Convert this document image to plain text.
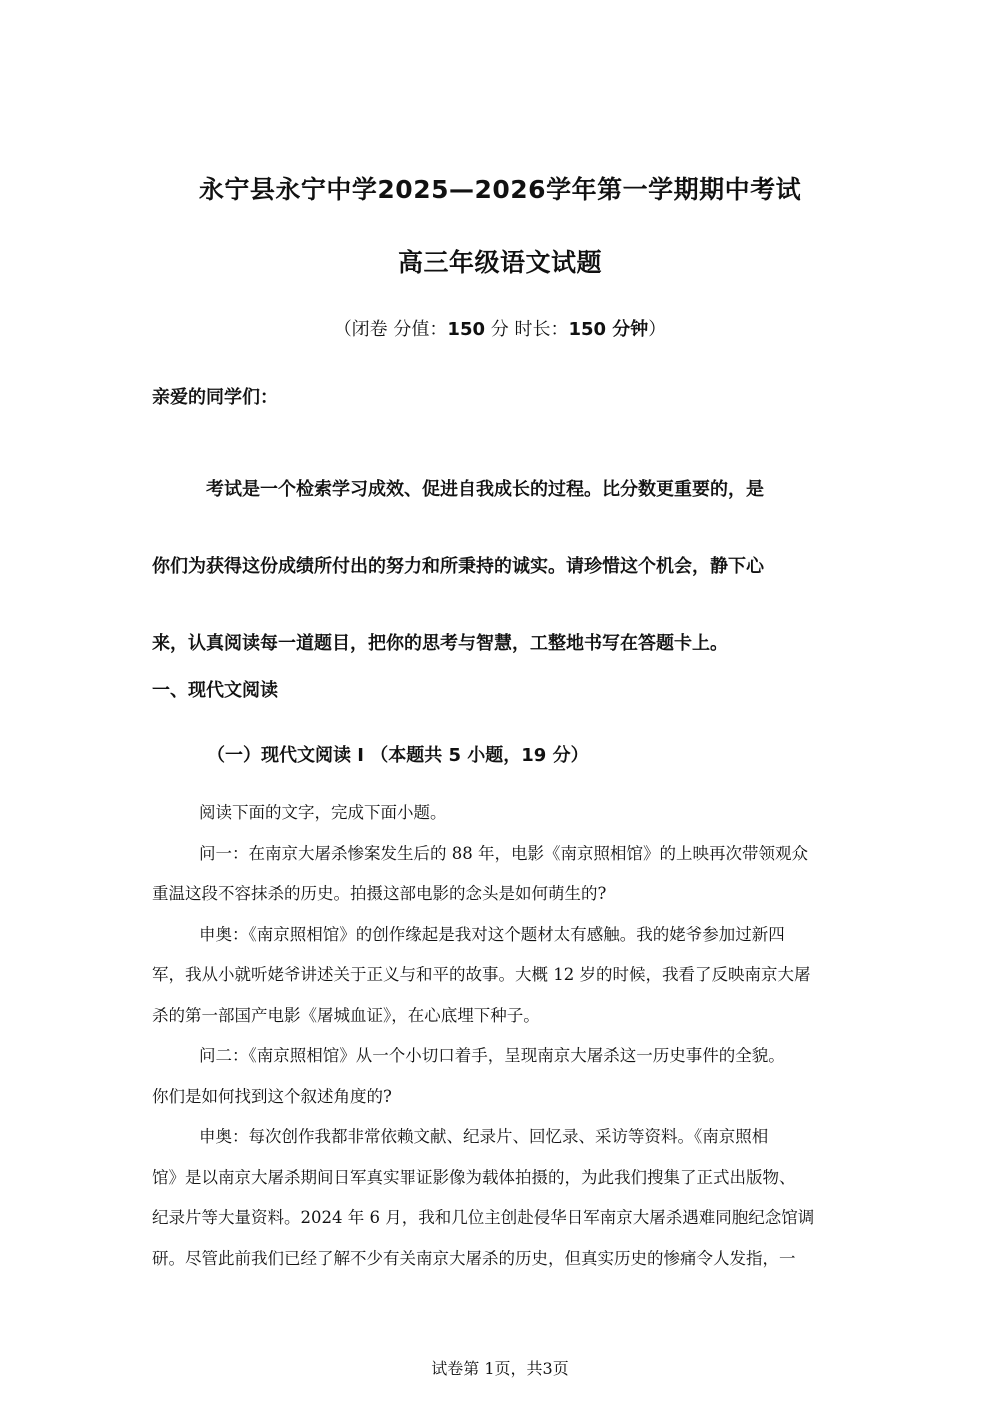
永宁县永宁中学2025—2026学年第一学期期中考试
高三年级语文试题
（闭卷 分值：150 分 时长：150 分钟）
亲爱的同学们：
考试是一个检索学习成效、促进自我成长的过程。比分数更重要的，是
你们为获得这份成绩所付出的努力和所秉持的诚实。请珍惜这个机会，静下心
来，认真阅读每一道题目，把你的思考与智慧，工整地书写在答题卡上。
一、现代文阅读
（一）现代文阅读 I （本题共 5 小题，19 分）
阅读下面的文字，完成下面小题。
问一：在南京大屠杀惨案发生后的 88 年，电影《南京照相馆》的上映再次带领观众
重温这段不容抹杀的历史。拍摄这部电影的念头是如何萌生的?
申奥：《南京照相馆》的创作缘起是我对这个题材太有感触。我的姥爷参加过新四
军，我从小就听姥爷讲述关于正义与和平的故事。大概 12 岁的时候，我看了反映南京大屠
杀的第一部国产电影《屠城血证》，在心底埋下种子。
问二：《南京照相馆》从一个小切口着手，呈现南京大屠杀这一历史事件的全貌。
你们是如何找到这个叙述角度的?
申奥：每次创作我都非常依赖文献、纪录片、回忆录、采访等资料。《南京照相
馆》是以南京大屠杀期间日军真实罪证影像为载体拍摄的，为此我们搜集了正式出版物、
纪录片等大量资料。2024 年 6 月，我和几位主创赴侵华日军南京大屠杀遇难同胞纪念馆调
研。尽管此前我们已经了解不少有关南京大屠杀的历史，但真实历史的惨痛令人发指，一
试卷第 1页，共3页
